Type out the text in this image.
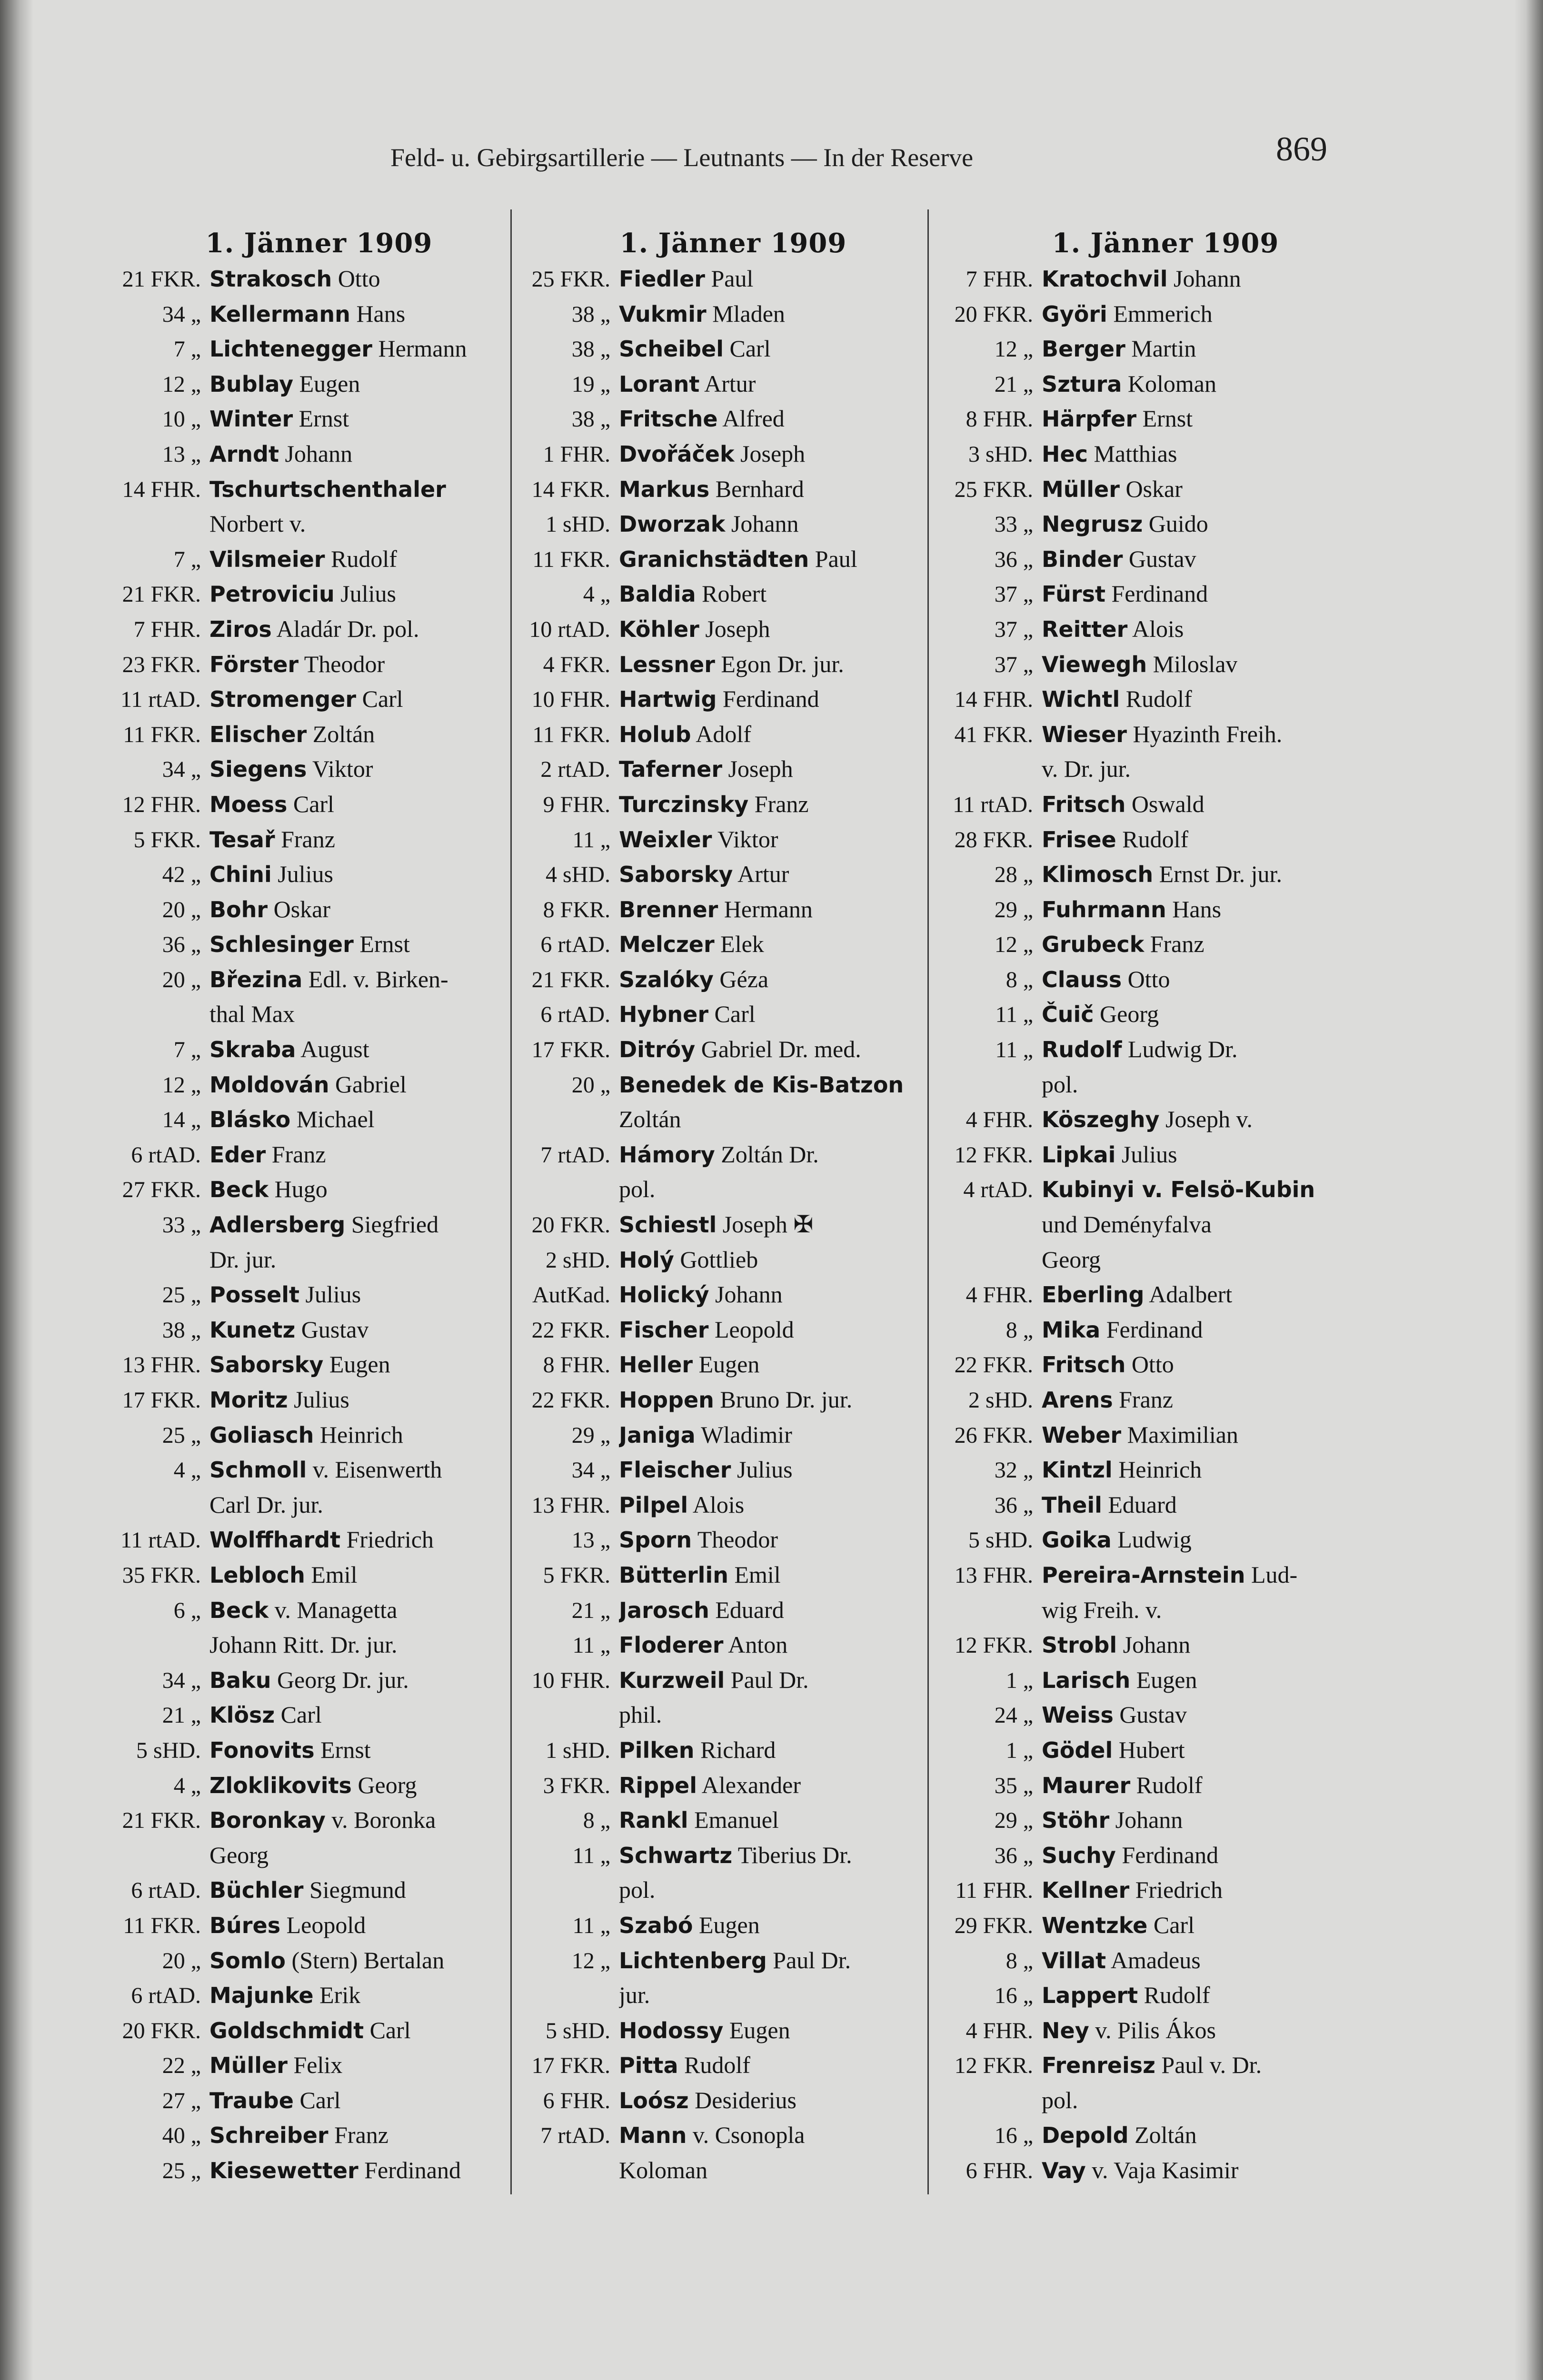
Feld- u. Gebirgsartillerie — Leutnants — In der Reserve	869
1. Jänner 1909
21 FKR. Strakosch Otto
34 „ Kellermann Hans
7 „ Lichtenegger Hermann
12 „ Bublay Eugen
10 „ Winter Ernst
13 „ Arndt Johann
14 FHR. Tschurtschenthaler
Norbert v.
7 „ Vilsmeier Rudolf
21 FKR. Petroviciu Julius
7 FHR. Ziros Aladár Dr. pol.
23 FKR. Förster Theodor
11 rtAD. Stromenger Carl
11 FKR. Elischer Zoltán
34 „ Siegens Viktor
12 FHR. Moess Carl
5 FKR. Tesař Franz
42 „ Chini Julius
20 „ Bohr Oskar
36 „ Schlesinger Ernst
20 „ Březina Edl. v. Birken-
thal Max
7 „ Skraba August
12 „ Moldován Gabriel
14 „ Blásko Michael
6 rtAD. Eder Franz
27 FKR. Beck Hugo
33 „ Adlersberg Siegfried
Dr. jur.
25 „ Posselt Julius
38 „ Kunetz Gustav
13 FHR. Saborsky Eugen
17 FKR. Moritz Julius
25 „ Goliasch Heinrich
4 „ Schmoll v. Eisenwerth
Carl Dr. jur.
11 rtAD. Wolffhardt Friedrich
35 FKR. Lebloch Emil
6 „ Beck v. Managetta
Johann Ritt. Dr. jur.
34 „ Baku Georg Dr. jur.
21 „ Klösz Carl
5 sHD. Fonovits Ernst
4 „ Zloklikovits Georg
21 FKR. Boronkay v. Boronka
Georg
6 rtAD. Büchler Siegmund
11 FKR. Búres Leopold
20 „ Somlo (Stern) Bertalan
6 rtAD. Majunke Erik
20 FKR. Goldschmidt Carl
22 „ Müller Felix
27 „ Traube Carl
40 „ Schreiber Franz
25 „ Kiesewetter Ferdinand
1. Jänner 1909
25 FKR. Fiedler Paul
38 „ Vukmir Mladen
38 „ Scheibel Carl
19 „ Lorant Artur
38 „ Fritsche Alfred
1 FHR. Dvořáček Joseph
14 FKR. Markus Bernhard
1 sHD. Dworzak Johann
11 FKR. Granichstädten Paul
4 „ Baldia Robert
10 rtAD. Köhler Joseph
4 FKR. Lessner Egon Dr. jur.
10 FHR. Hartwig Ferdinand
11 FKR. Holub Adolf
2 rtAD. Taferner Joseph
9 FHR. Turczinsky Franz
11 „ Weixler Viktor
4 sHD. Saborsky Artur
8 FKR. Brenner Hermann
6 rtAD. Melczer Elek
21 FKR. Szalóky Géza
6 rtAD. Hybner Carl
17 FKR. Ditróy Gabriel Dr. med.
20 „ Benedek de Kis-Batzon
Zoltán
7 rtAD. Hámory Zoltán Dr.
pol.
20 FKR. Schiestl Joseph ✠
2 sHD. Holý Gottlieb
AutKad. Holický Johann
22 FKR. Fischer Leopold
8 FHR. Heller Eugen
22 FKR. Hoppen Bruno Dr. jur.
29 „ Janiga Wladimir
34 „ Fleischer Julius
13 FHR. Pilpel Alois
13 „ Sporn Theodor
5 FKR. Bütterlin Emil
21 „ Jarosch Eduard
11 „ Floderer Anton
10 FHR. Kurzweil Paul Dr.
phil.
1 sHD. Pilken Richard
3 FKR. Rippel Alexander
8 „ Rankl Emanuel
11 „ Schwartz Tiberius Dr.
pol.
11 „ Szabó Eugen
12 „ Lichtenberg Paul Dr.
jur.
5 sHD. Hodossy Eugen
17 FKR. Pitta Rudolf
6 FHR. Loósz Desiderius
7 rtAD. Mann v. Csonopla
Koloman
1. Jänner 1909
7 FHR. Kratochvil Johann
20 FKR. Györi Emmerich
12 „ Berger Martin
21 „ Sztura Koloman
8 FHR. Härpfer Ernst
3 sHD. Hec Matthias
25 FKR. Müller Oskar
33 „ Negrusz Guido
36 „ Binder Gustav
37 „ Fürst Ferdinand
37 „ Reitter Alois
37 „ Viewegh Miloslav
14 FHR. Wichtl Rudolf
41 FKR. Wieser Hyazinth Freih.
v. Dr. jur.
11 rtAD. Fritsch Oswald
28 FKR. Frisee Rudolf
28 „ Klimosch Ernst Dr. jur.
29 „ Fuhrmann Hans
12 „ Grubeck Franz
8 „ Clauss Otto
11 „ Čuič Georg
11 „ Rudolf Ludwig Dr.
pol.
4 FHR. Köszeghy Joseph v.
12 FKR. Lipkai Julius
4 rtAD. Kubinyi v. Felsö-Kubin
und Deményfalva
Georg
4 FHR. Eberling Adalbert
8 „ Mika Ferdinand
22 FKR. Fritsch Otto
2 sHD. Arens Franz
26 FKR. Weber Maximilian
32 „ Kintzl Heinrich
36 „ Theil Eduard
5 sHD. Goika Ludwig
13 FHR. Pereira-Arnstein Lud-
wig Freih. v.
12 FKR. Strobl Johann
1 „ Larisch Eugen
24 „ Weiss Gustav
1 „ Gödel Hubert
35 „ Maurer Rudolf
29 „ Stöhr Johann
36 „ Suchy Ferdinand
11 FHR. Kellner Friedrich
29 FKR. Wentzke Carl
8 „ Villat Amadeus
16 „ Lappert Rudolf
4 FHR. Ney v. Pilis Ákos
12 FKR. Frenreisz Paul v. Dr.
pol.
16 „ Depold Zoltán
6 FHR. Vay v. Vaja Kasimir
